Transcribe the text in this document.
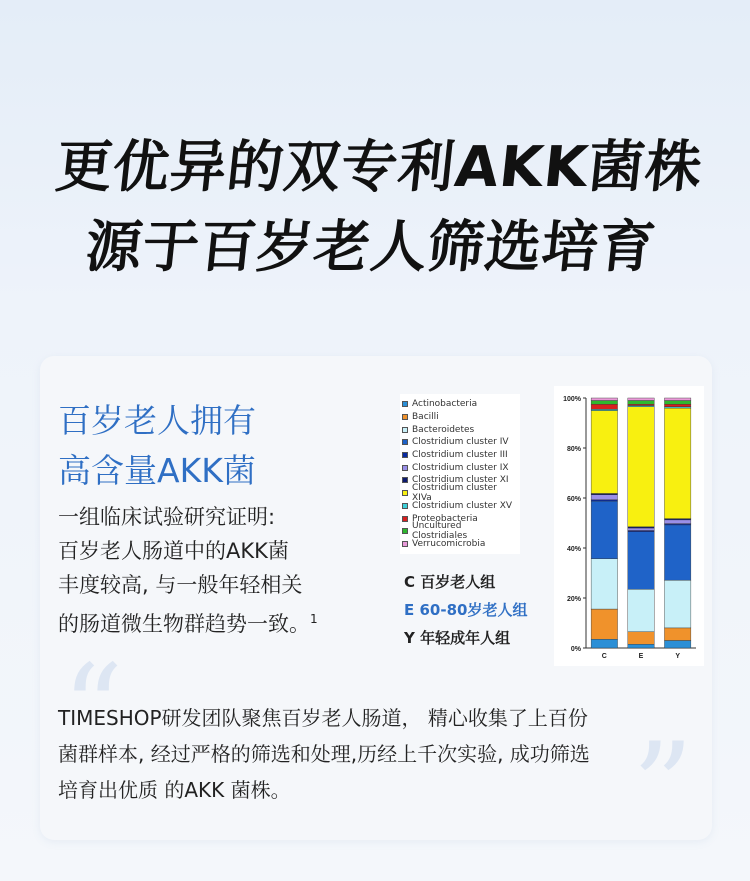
更优异的双专利AKK菌株
源于百岁老人筛选培育
百岁老人拥有
高含量AKK菌
一组临床试验研究证明:
百岁老人肠道中的AKK菌
丰度较高, 与一般年轻相关
的肠道微生物群趋势一致。$^1$
Actinobacteria
Bacilli
Bacteroidetes
Clostridium cluster IV
Clostridium cluster III
Clostridium cluster IX
Clostridium cluster XI
Clostridium cluster XIVa
Clostridium cluster XV
Proteobacteria
Uncultured Clostridiales
Verrucomicrobia
C 百岁老人组
E 60-80岁老人组
Y 年轻成年人组
0%
20%
40%
60%
80%
100%
C	E	Y
“
”
TIMESHOP研发团队聚焦百岁老人肠道， 精心收集了上百份
菌群样本, 经过严格的筛选和处理,历经上千次实验, 成功筛选
培育出优质 的AKK 菌株。
